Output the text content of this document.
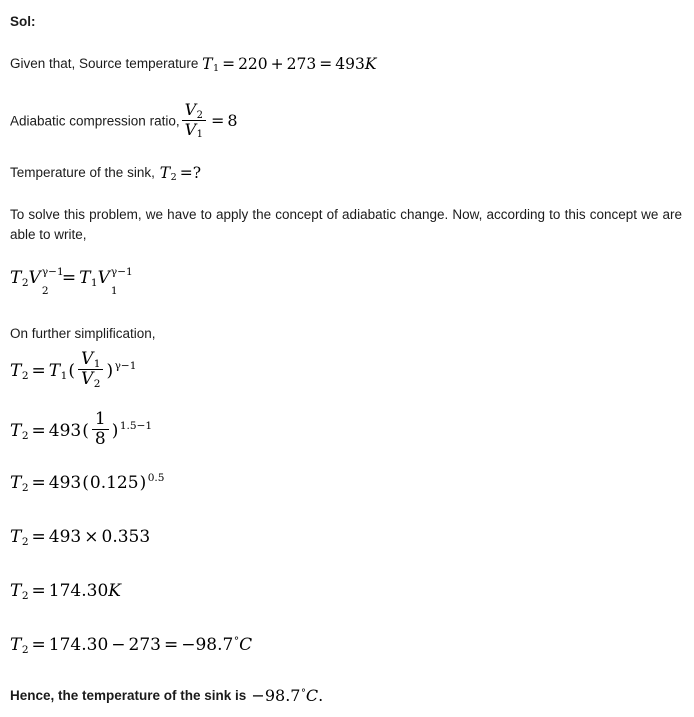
Sol:
Given that, Source temperature $T_1 = 220 + 273 = 493K$
Adiabatic compression ratio, $\frac{V_2}{V_1} = 8$
Temperature of the sink, $T_2$ =?

To solve this problem, we have to apply the concept of adiabatic change. Now, according to this concept we are able to write,

$T_2V$ γ−1
2
= $T_1V$ γ−1
1
On further simplification,
$T_2 = T_1( \frac{V_1}{V_2}$ ) $^{\gamma-1}$
$T_2 = 493( \frac{1}{8}$ ) $^{1.5-1}$
$T_2 = 493(0.125)$ $^{0.5}$
$T_2 = 493 \times 0.353$
$T_2 = 174.30K$
$T_2 = 174.30 - 273 = -98.7^\circ C$
Hence, the temperature of the sink is −98.7°C.
